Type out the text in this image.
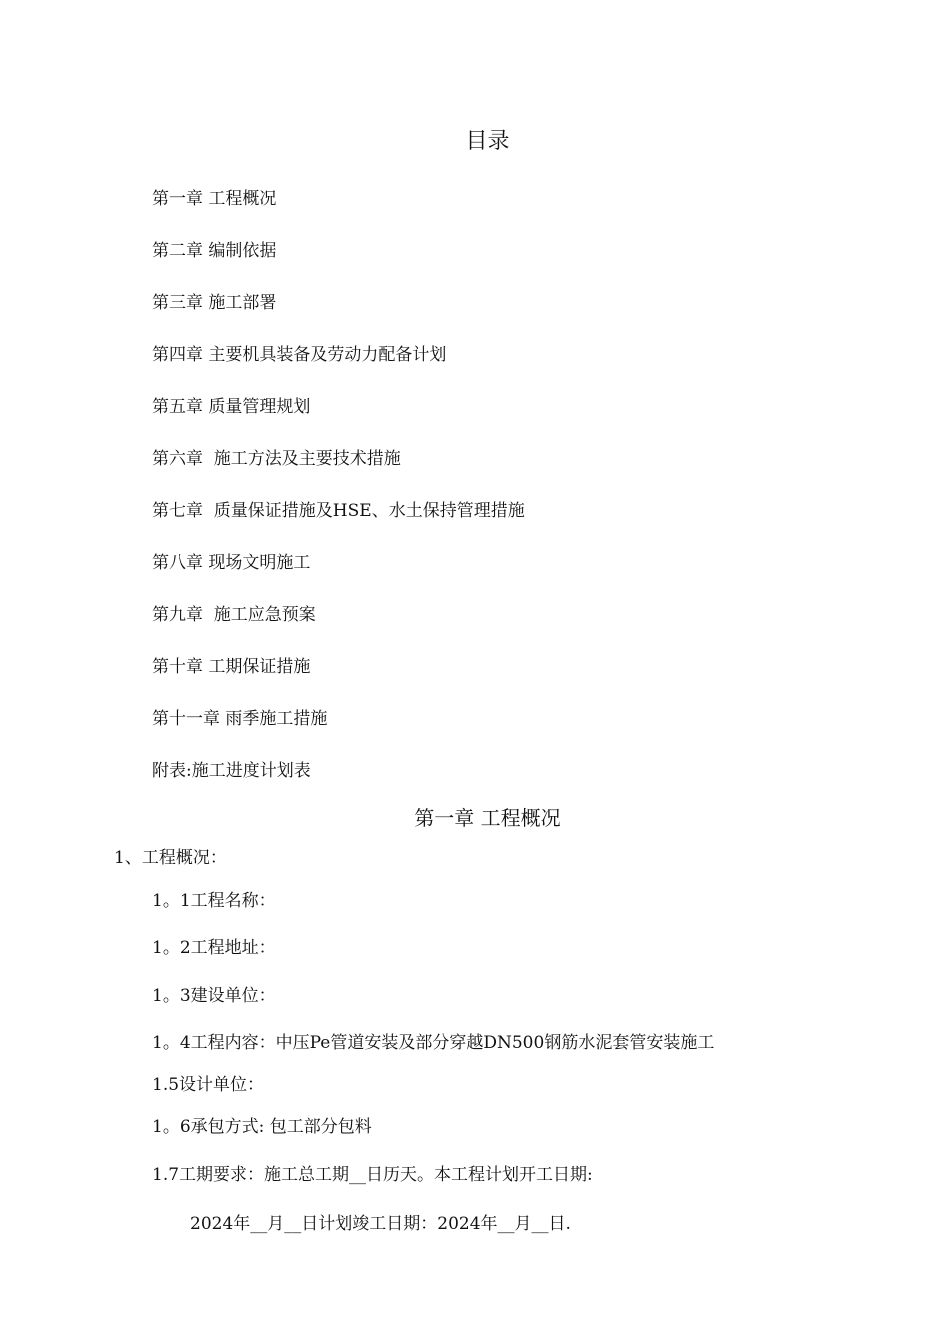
目录
第一章 工程概况
第二章 编制依据
第三章 施工部署
第四章 主要机具装备及劳动力配备计划
第五章 质量管理规划
第六章  施工方法及主要技术措施
第七章  质量保证措施及HSE、水土保持管理措施
第八章 现场文明施工
第九章  施工应急预案
第十章 工期保证措施
第十一章 雨季施工措施
附表:施工进度计划表
第一章 工程概况
1、工程概况：
1。1工程名称：
1。2工程地址：
1。3建设单位：
1。4工程内容：中压Pe管道安装及部分穿越DN500钢筋水泥套管安装施工
1.5设计单位：
1。6承包方式: 包工部分包料
1.7工期要求：施工总工期__日历天。本工程计划开工日期:
2024年__月__日计划竣工日期：2024年__月__日.
